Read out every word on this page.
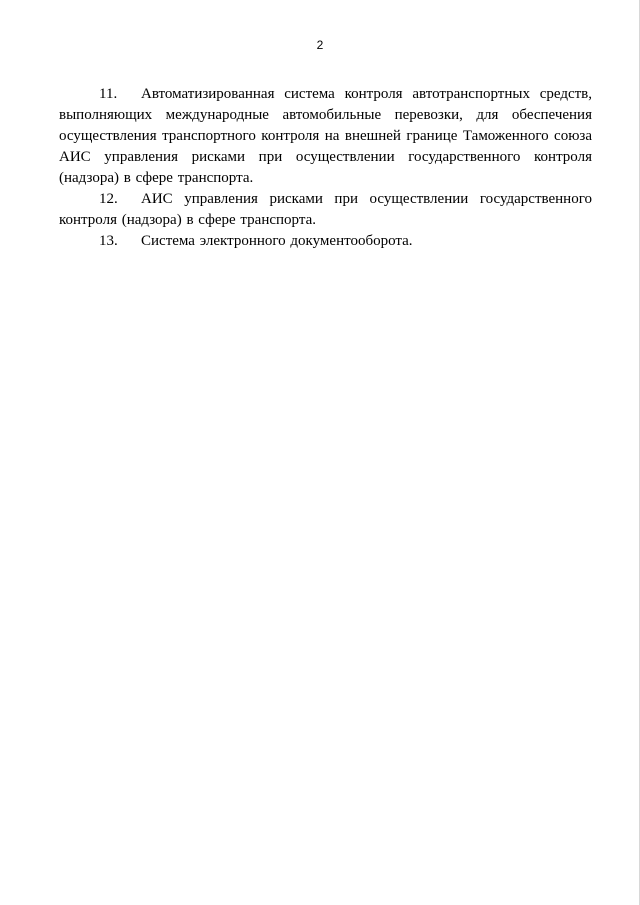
2

11. Автоматизированная система контроля автотранспортных средств, выполняющих международные автомобильные перевозки, для обеспечения осуществления транспортного контроля на внешней границе Таможенного союза АИС управления рисками при осуществлении государственного контроля (надзора) в сфере транспорта.

12. АИС управления рисками при осуществлении государственного контроля (надзора) в сфере транспорта.

13. Система электронного документооборота.
